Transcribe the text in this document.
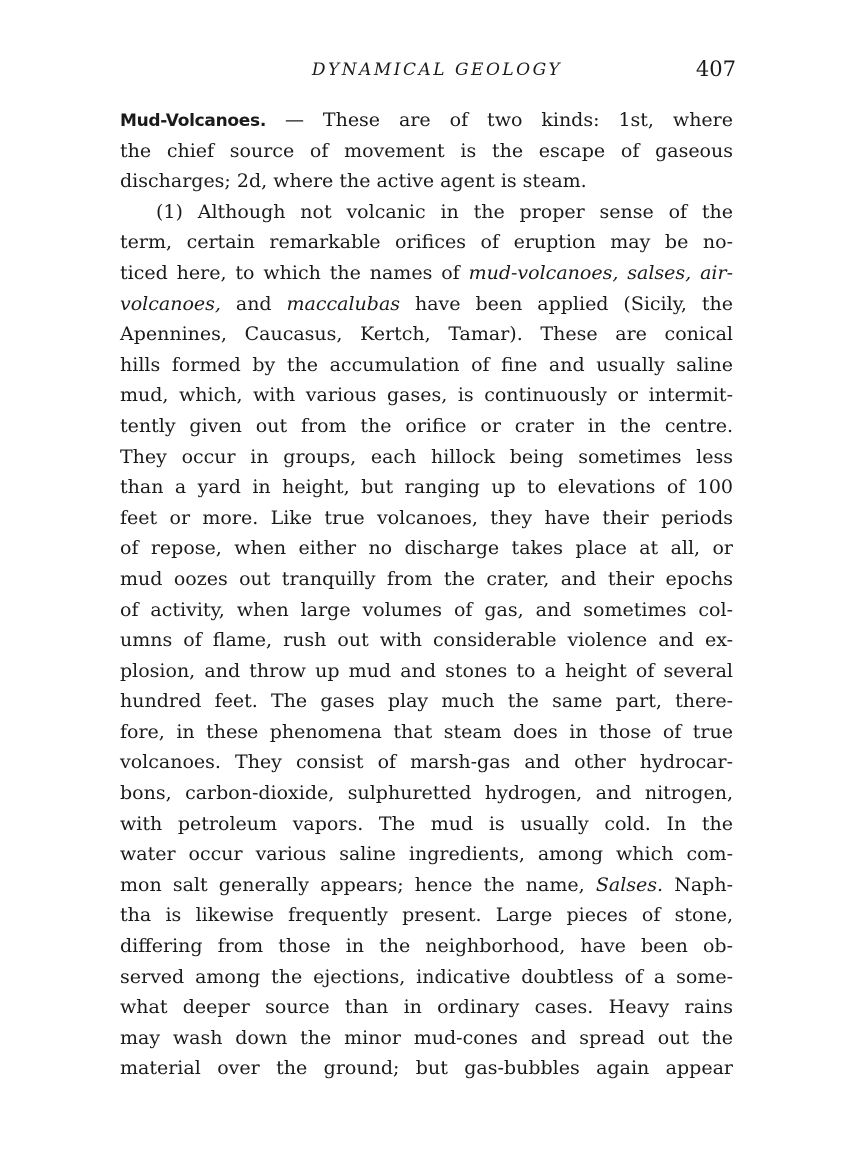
DYNAMICAL GEOLOGY	407
Mud-Volcanoes. — These are of two kinds: 1st, where
the chief source of movement is the escape of gaseous
discharges; 2d, where the active agent is steam.
(1) Although not volcanic in the proper sense of the
term, certain remarkable orifices of eruption may be no-
ticed here, to which the names of mud-volcanoes, salses, air-
volcanoes, and maccalubas have been applied (Sicily, the
Apennines, Caucasus, Kertch, Tamar). These are conical
hills formed by the accumulation of fine and usually saline
mud, which, with various gases, is continuously or intermit-
tently given out from the orifice or crater in the centre.
They occur in groups, each hillock being sometimes less
than a yard in height, but ranging up to elevations of 100
feet or more. Like true volcanoes, they have their periods
of repose, when either no discharge takes place at all, or
mud oozes out tranquilly from the crater, and their epochs
of activity, when large volumes of gas, and sometimes col-
umns of flame, rush out with considerable violence and ex-
plosion, and throw up mud and stones to a height of several
hundred feet. The gases play much the same part, there-
fore, in these phenomena that steam does in those of true
volcanoes. They consist of marsh-gas and other hydrocar-
bons, carbon-dioxide, sulphuretted hydrogen, and nitrogen,
with petroleum vapors. The mud is usually cold. In the
water occur various saline ingredients, among which com-
mon salt generally appears; hence the name, Salses. Naph-
tha is likewise frequently present. Large pieces of stone,
differing from those in the neighborhood, have been ob-
served among the ejections, indicative doubtless of a some-
what deeper source than in ordinary cases. Heavy rains
may wash down the minor mud-cones and spread out the
material over the ground; but gas-bubbles again appear
